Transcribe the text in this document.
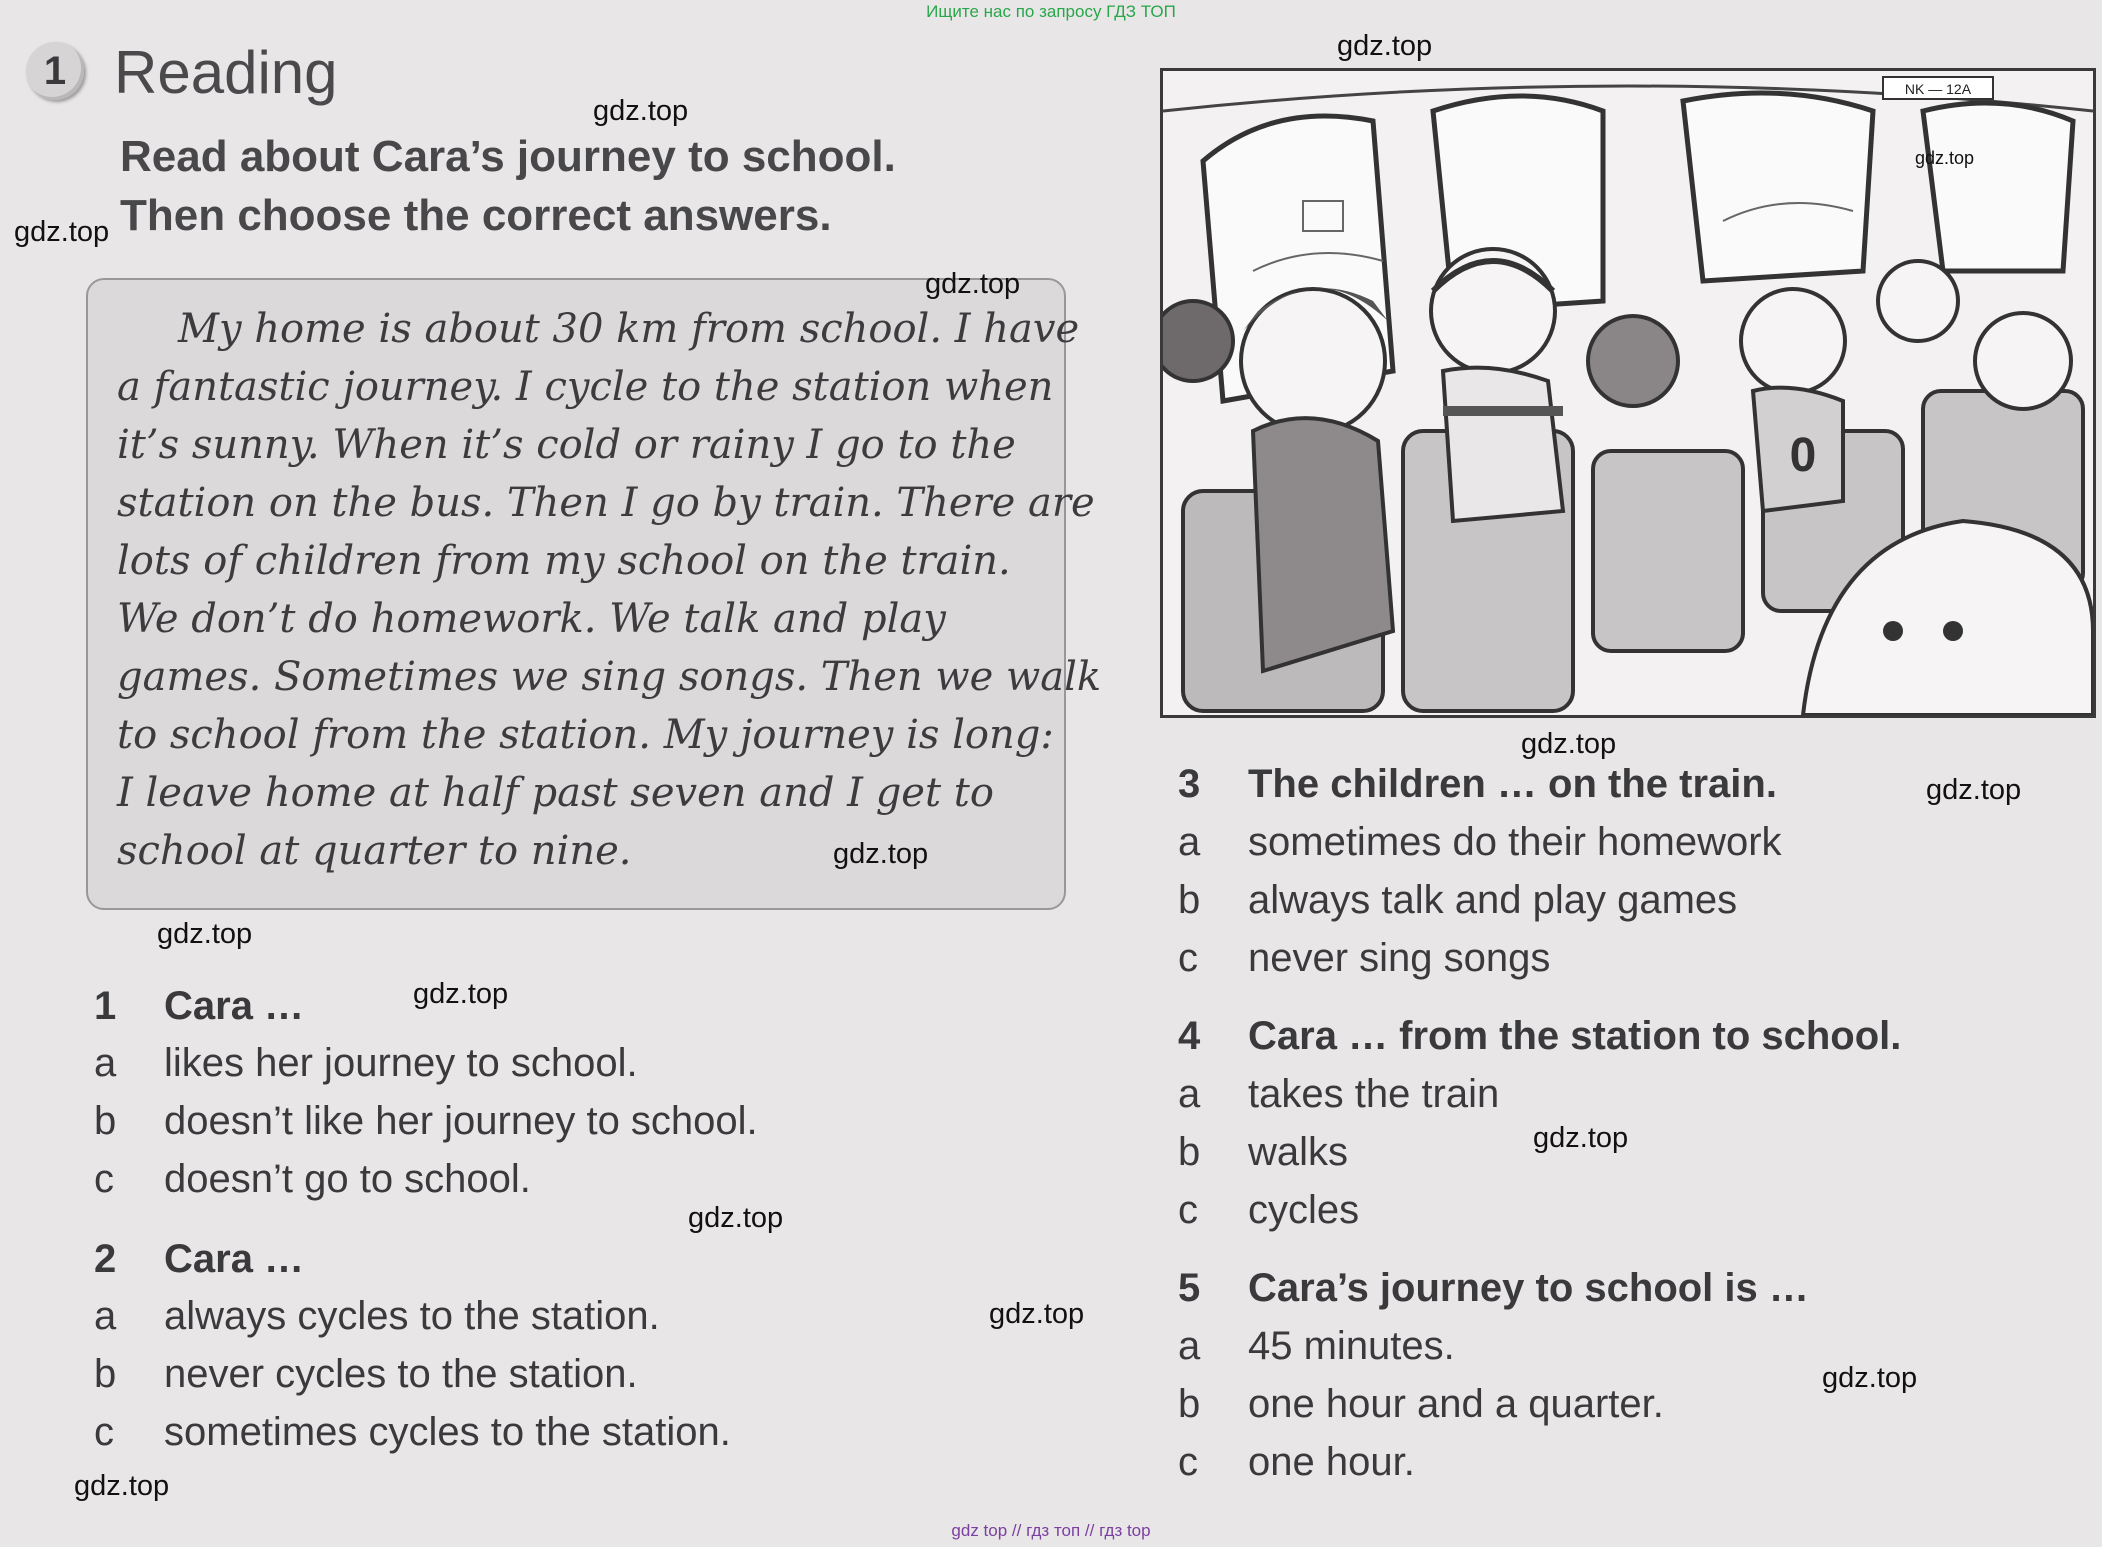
Ищите нас по запросу ГДЗ ТОП
1 Reading
Read about Cara’s journey to school.
Then choose the correct answers.
My home is about 30 km from school. I have
a fantastic journey. I cycle to the station when
it’s sunny. When it’s cold or rainy I go to the
station on the bus. Then I go by train. There are
lots of children from my school on the train.
We don’t do homework. We talk and play
games. Sometimes we sing songs. Then we walk
to school from the station. My journey is long:
I leave home at half past seven and I get to
school at quarter to nine.
1 Cara …
a likes her journey to school.
b doesn’t like her journey to school.
c doesn’t go to school.
2 Cara …
a always cycles to the station.
b never cycles to the station.
c sometimes cycles to the station.
NK — 12A
0
3 The children … on the train.
a sometimes do their homework
b always talk and play games
c never sing songs
4 Cara … from the station to school.
a takes the train
b walks
c cycles
5 Cara’s journey to school is …
a 45 minutes.
b one hour and a quarter.
c one hour.
gdz.top
gdz.top
gdz.top
gdz.top
gdz.top
gdz.top
gdz.top
gdz.top
gdz.top
gdz.top
gdz.top
gdz.top
gdz.top
gdz.top
gdz.top
gdz top // гдз топ // гдз top
